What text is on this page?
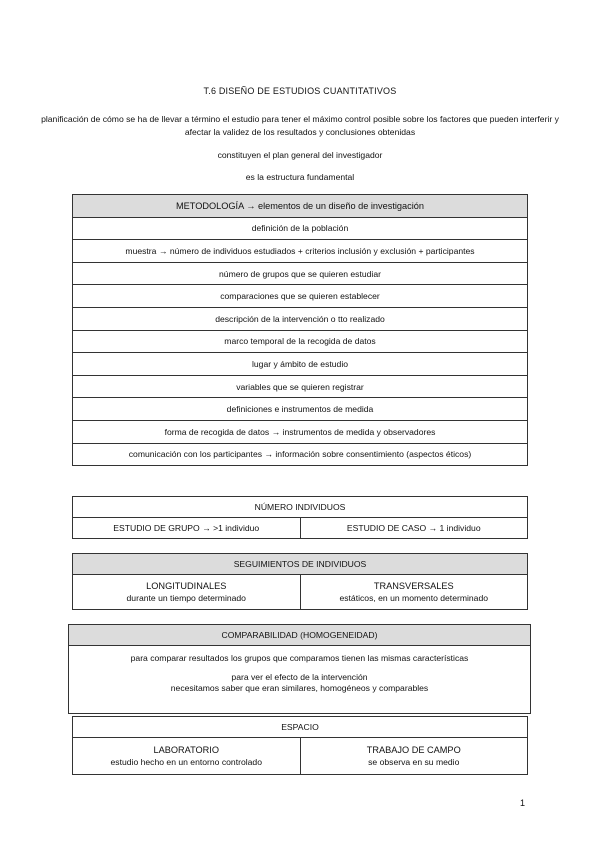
T.6 DISEÑO DE ESTUDIOS CUANTITATIVOS
planificación de cómo se ha de llevar a término el estudio para tener el máximo control posible sobre los factores que pueden interferir y afectar la validez de los resultados y conclusiones obtenidas
constituyen el plan general del investigador
es la estructura fundamental
METODOLOGÍA → elementos de un diseño de investigación
definición de la población
muestra → número de individuos estudiados + criterios inclusión y exclusión + participantes
número de grupos que se quieren estudiar
comparaciones que se quieren establecer
descripción de la intervención o tto realizado
marco temporal de la recogida de datos
lugar y ámbito de estudio
variables que se quieren registrar
definiciones e instrumentos de medida
forma de recogida de datos → instrumentos de medida y observadores
comunicación con los participantes → información sobre consentimiento (aspectos éticos)
NÚMERO INDIVIDUOS
ESTUDIO DE GRUPO → >1 individuo	ESTUDIO DE CASO → 1 individuo
SEGUIMIENTOS DE INDIVIDUOS

LONGITUDINALES
durante un tiempo determinado

TRANSVERSALES
estáticos, en un momento determinado
COMPARABILIDAD (HOMOGENEIDAD)

para comparar resultados los grupos que comparamos tienen las mismas características
para ver el efecto de la intervención
necesitamos saber que eran similares, homogéneos y comparables
ESPACIO

LABORATORIO
estudio hecho en un entorno controlado

TRABAJO DE CAMPO
se observa en su medio
1
